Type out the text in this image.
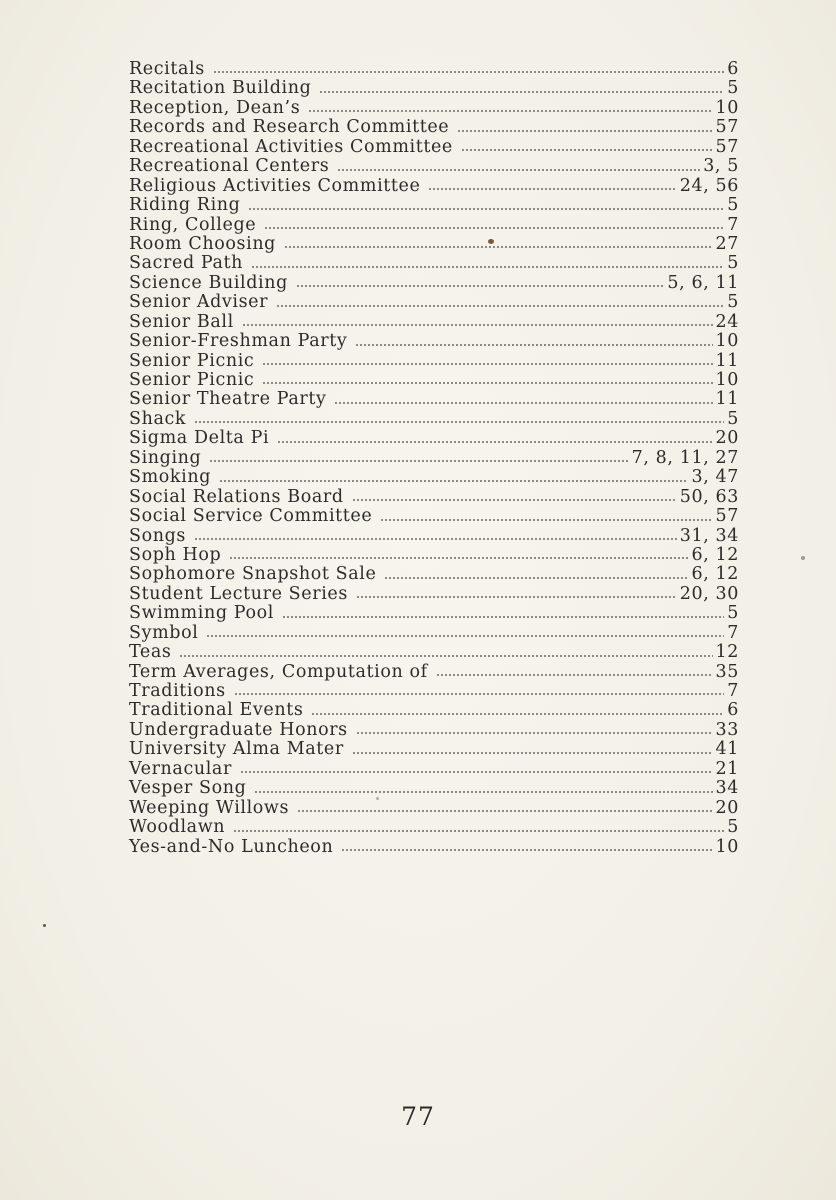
Recitals	6
Recitation Building	5
Reception, Dean’s	10
Records and Research Committee	57
Recreational Activities Committee	57
Recreational Centers	3, 5
Religious Activities Committee	24, 56
Riding Ring	5
Ring, College	7
Room Choosing	27
Sacred Path	5
Science Building	5, 6, 11
Senior Adviser	5
Senior Ball	24
Senior-Freshman Party	10
Senior Picnic	11
Senior Picnic	10
Senior Theatre Party	11
Shack	5
Sigma Delta Pi	20
Singing	7, 8, 11, 27
Smoking	3, 47
Social Relations Board	50, 63
Social Service Committee	57
Songs	31, 34
Soph Hop	6, 12
Sophomore Snapshot Sale	6, 12
Student Lecture Series	20, 30
Swimming Pool	5
Symbol	7
Teas	12
Term Averages, Computation of	35
Traditions	7
Traditional Events	6
Undergraduate Honors	33
University Alma Mater	41
Vernacular	21
Vesper Song	34
Weeping Willows	20
Woodlawn	5
Yes-and-No Luncheon	10
77
